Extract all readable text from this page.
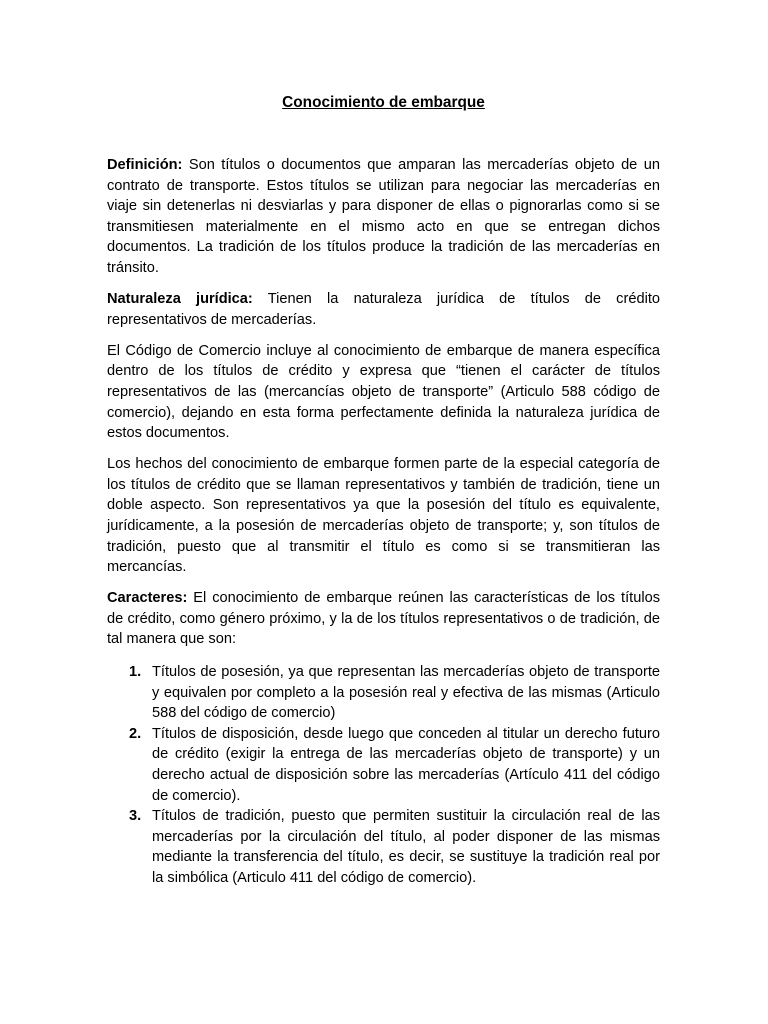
Conocimiento de embarque

Definición: Son títulos o documentos que amparan las mercaderías objeto de un contrato de transporte. Estos títulos se utilizan para negociar las mercaderías en viaje sin detenerlas ni desviarlas y para disponer de ellas o pignorarlas como si se transmitiesen materialmente en el mismo acto en que se entregan dichos documentos. La tradición de los títulos produce la tradición de las mercaderías en tránsito.

Naturaleza jurídica: Tienen la naturaleza jurídica de títulos de crédito representativos de mercaderías.

El Código de Comercio incluye al conocimiento de embarque de manera específica dentro de los títulos de crédito y expresa que “tienen el carácter de títulos representativos de las (mercancías objeto de transporte” (Articulo 588 código de comercio), dejando en esta forma perfectamente definida la naturaleza jurídica de estos documentos.

Los hechos del conocimiento de embarque formen parte de la especial categoría de los títulos de crédito que se llaman representativos y también de tradición, tiene un doble aspecto. Son representativos ya que la posesión del título es equivalente, jurídicamente, a la posesión de mercaderías objeto de transporte; y, son títulos de tradición, puesto que al transmitir el título es como si se transmitieran las mercancías.

Caracteres: El conocimiento de embarque reúnen las características de los títulos de crédito, como género próximo, y la de los títulos representativos o de tradición, de tal manera que son:

1. Títulos de posesión, ya que representan las mercaderías objeto de transporte y equivalen por completo a la posesión real y efectiva de las mismas (Articulo 588 del código de comercio)
2. Títulos de disposición, desde luego que conceden al titular un derecho futuro de crédito (exigir la entrega de las mercaderías objeto de transporte) y un derecho actual de disposición sobre las mercaderías (Artículo 411 del código de comercio).
3. Títulos de tradición, puesto que permiten sustituir la circulación real de las mercaderías por la circulación del título, al poder disponer de las mismas mediante la transferencia del título, es decir, se sustituye la tradición real por la simbólica (Articulo 411 del código de comercio).
